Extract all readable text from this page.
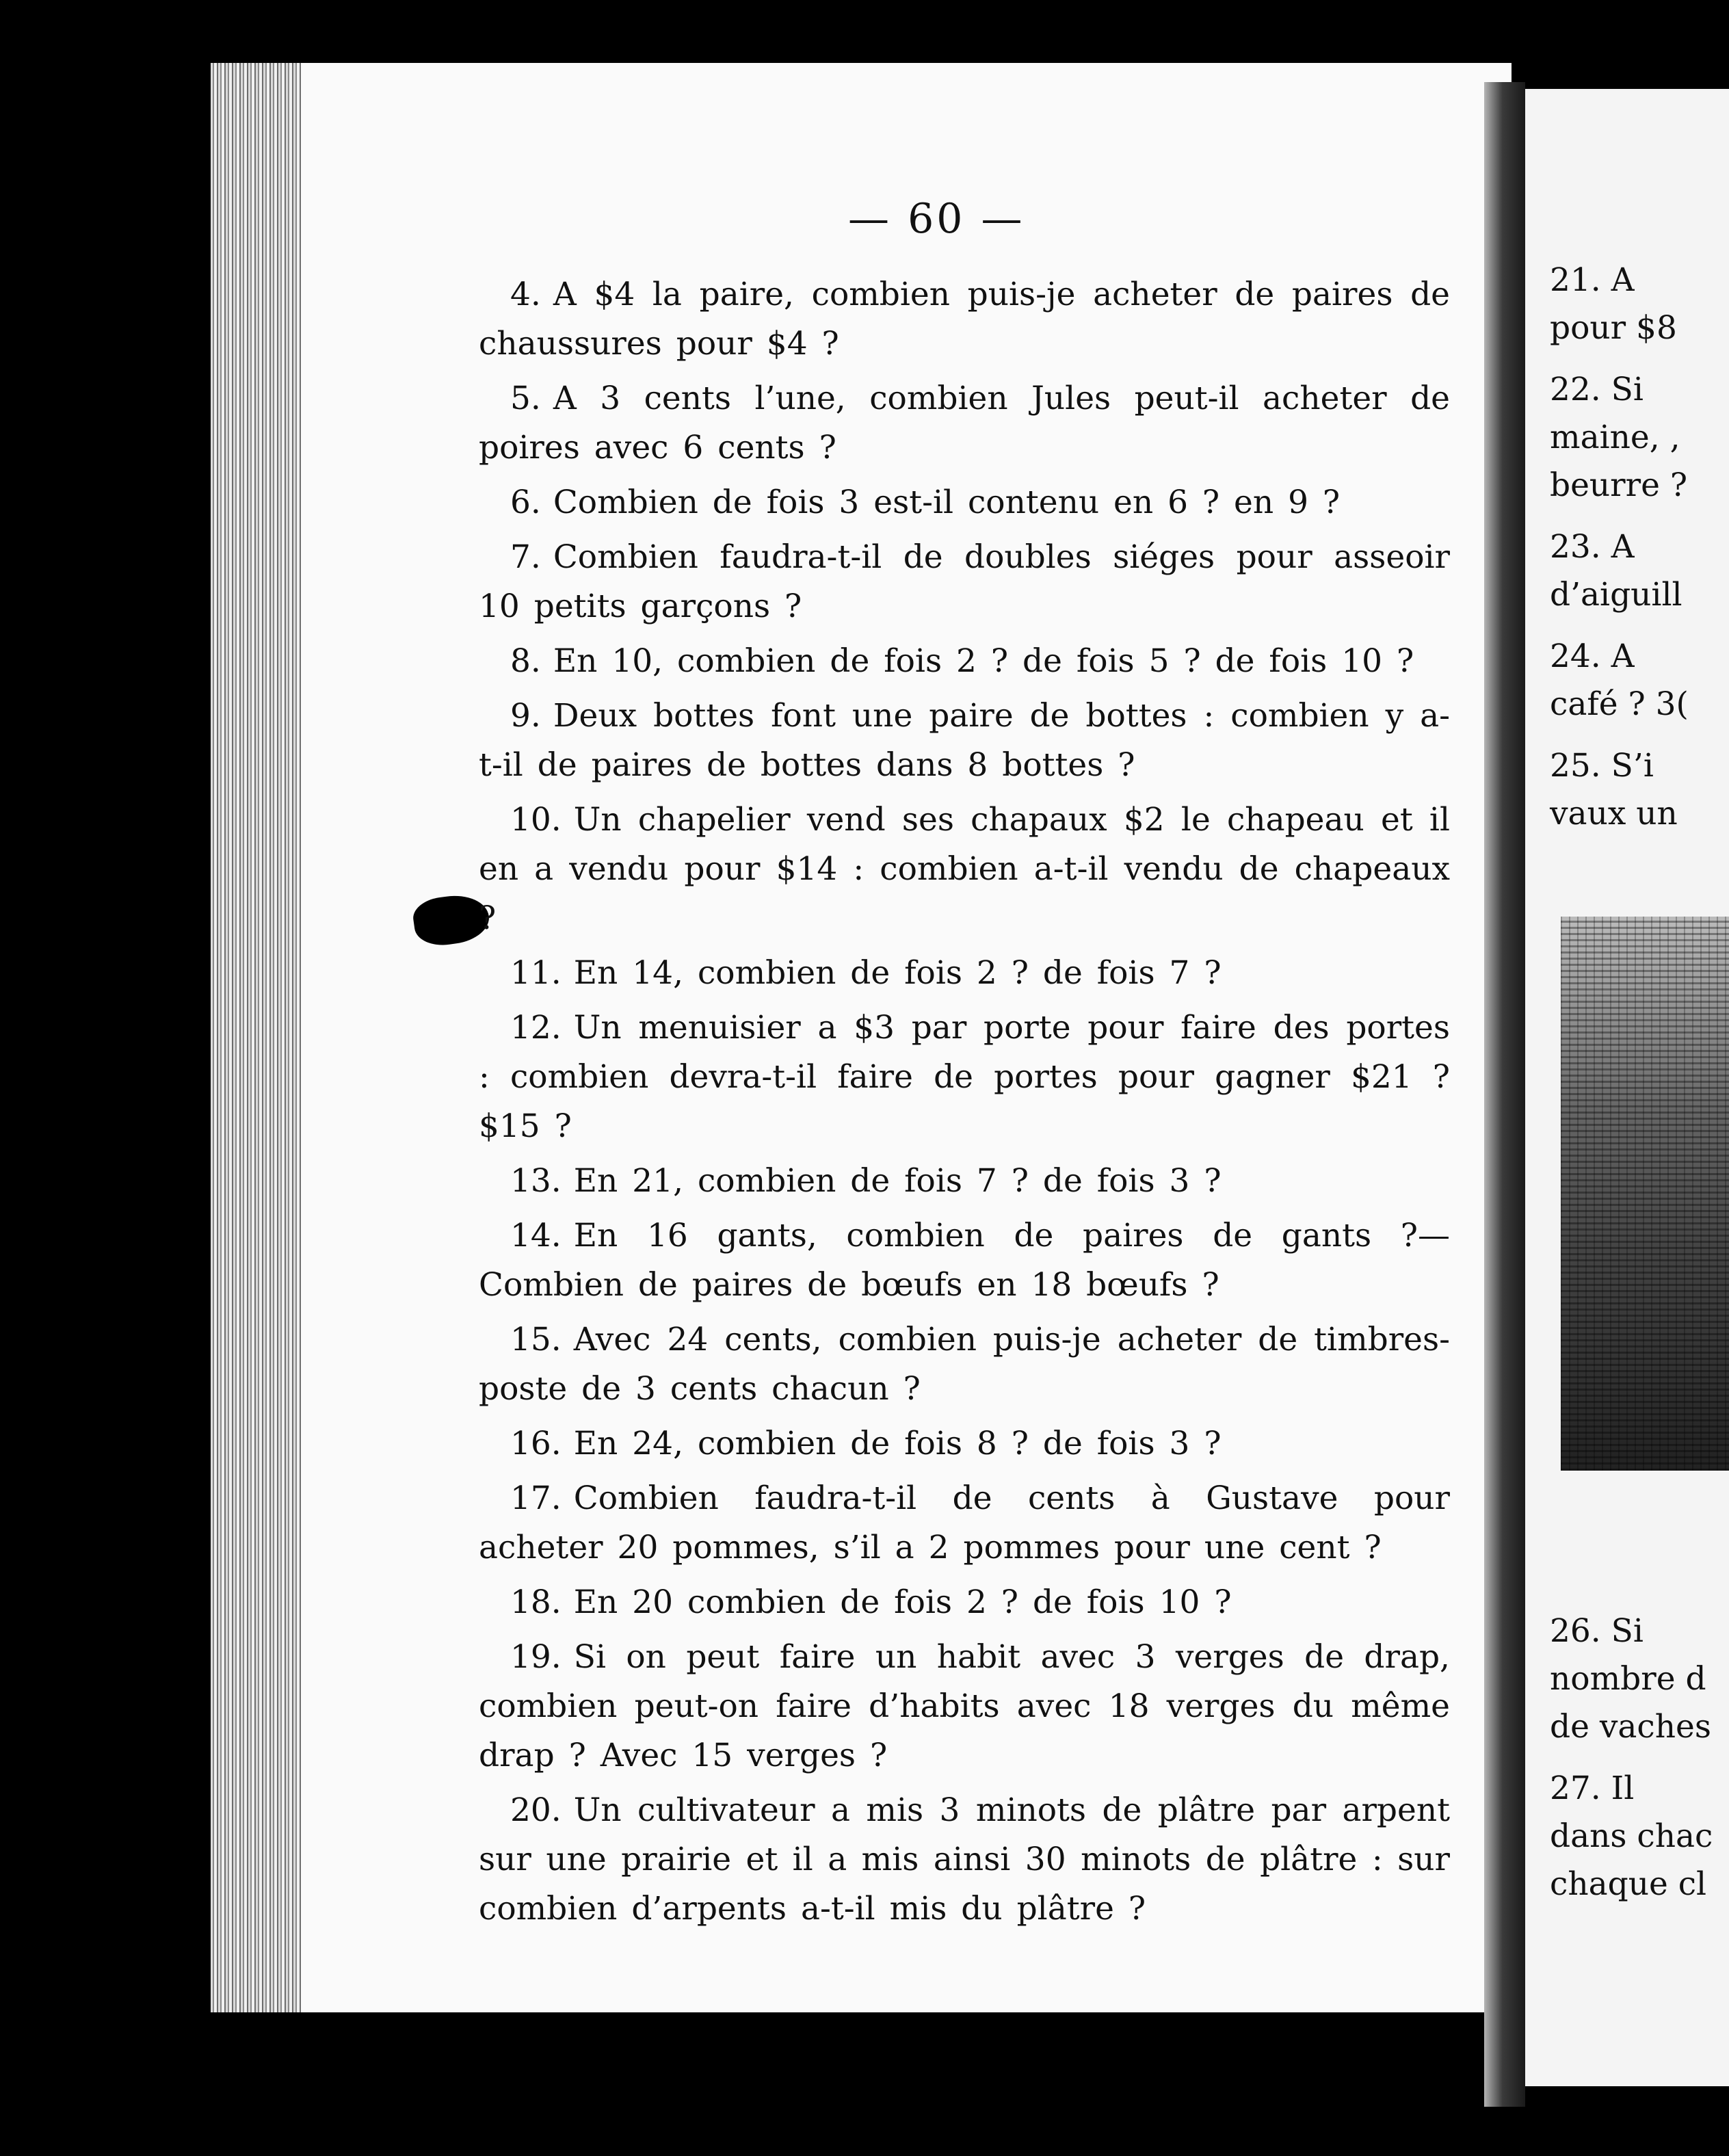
21. A
pour $8
22. Si
maine, ,
beurre ?
23. A
d’aiguill
24. A
café ? 3(
25. S’i
vaux un
26. Si
nombre d
de vaches
27. Il
dans chac
chaque cl
— 60 —

4. A $4 la paire, combien puis-je acheter de paires de chaussures pour $4 ?

5. A 3 cents l’une, combien Jules peut-il acheter de poires avec 6 cents ?

6. Combien de fois 3 est-il contenu en 6 ? en 9 ?

7. Combien faudra-t-il de doubles siéges pour asseoir 10 petits garçons ?

8. En 10, combien de fois 2 ? de fois 5 ? de fois 10 ?

9. Deux bottes font une paire de bottes : combien y a-t-il de paires de bottes dans 8 bottes ?

10. Un chapelier vend ses chapaux $2 le chapeau et il en a vendu pour $14 : combien a-t-il vendu de chapeaux ?

11. En 14, combien de fois 2 ? de fois 7 ?

12. Un menuisier a $3 par porte pour faire des portes : combien devra-t-il faire de portes pour gagner $21 ? $15 ?

13. En 21, combien de fois 7 ? de fois 3 ?

14. En 16 gants, combien de paires de gants ?—Combien de paires de bœufs en 18 bœufs ?

15. Avec 24 cents, combien puis-je acheter de timbres-poste de 3 cents chacun ?

16. En 24, combien de fois 8 ? de fois 3 ?

17. Combien faudra-t-il de cents à Gustave pour acheter 20 pommes, s’il a 2 pommes pour une cent ?

18. En 20 combien de fois 2 ? de fois 10 ?

19. Si on peut faire un habit avec 3 verges de drap, combien peut-on faire d’habits avec 18 verges du même drap ? Avec 15 verges ?

20. Un cultivateur a mis 3 minots de plâtre par arpent sur une prairie et il a mis ainsi 30 minots de plâtre : sur combien d’arpents a-t-il mis du plâtre ?
